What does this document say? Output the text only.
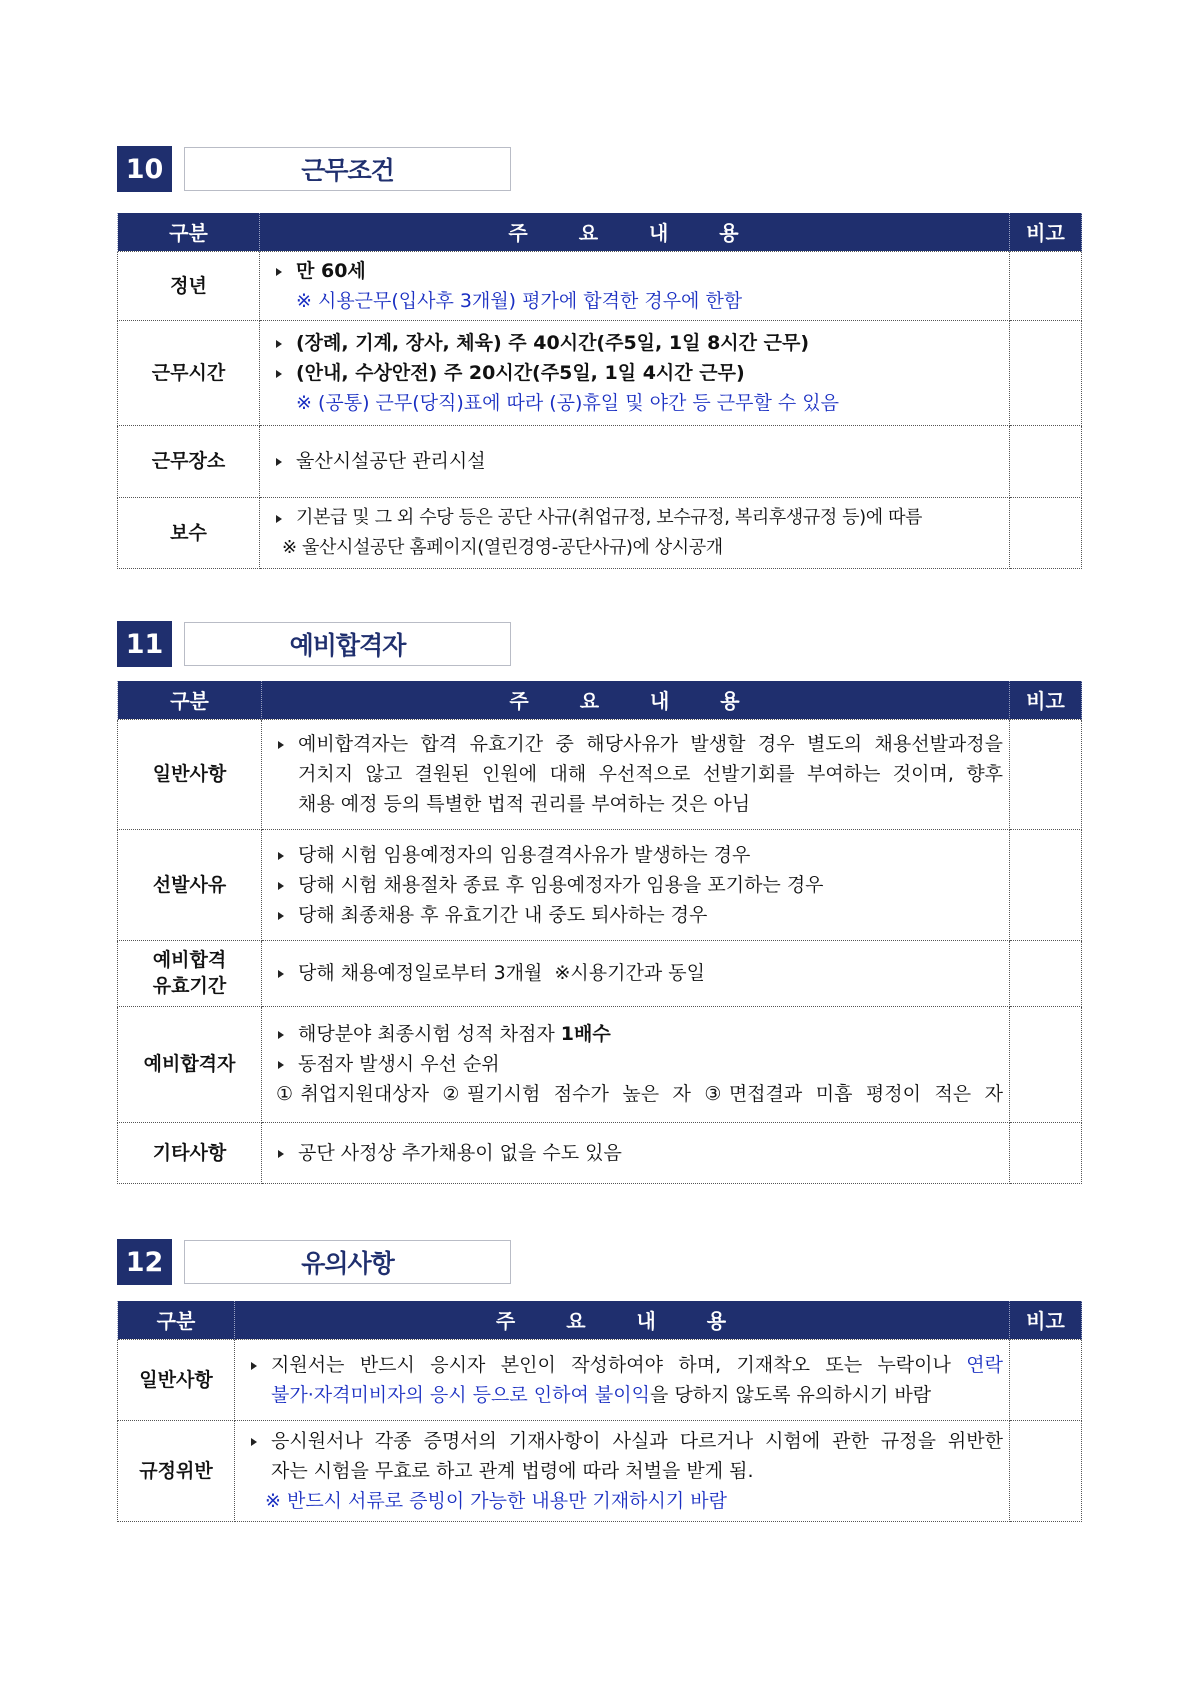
10	근무조건
구분	주 요 내 용	비고
정년	만 60세
※ 시용근무(입사후 3개월) 평가에 합격한 경우에 한함	

근무시간	(장례, 기계, 장사, 체육) 주 40시간(주5일, 1일 8시간 근무)
(안내, 수상안전) 주 20시간(주5일, 1일 4시간 근무)
※ (공통) 근무(당직)표에 따라 (공)휴일 및 야간 등 근무할 수 있음	

근무장소	울산시설공단 관리시설	

보수	기본급 및 그 외 수당 등은 공단 사규(취업규정, 보수규정, 복리후생규정 등)에 따름
※ 울산시설공단 홈페이지(열린경영-공단사규)에 상시공개	

11	예비합격자
구분	주 요 내 용	비고
일반사항	예비합격자는 합격 유효기간 중 해당사유가 발생할 경우 별도의 채용선발과정을
거치지 않고 결원된 인원에 대해 우선적으로 선발기회를 부여하는 것이며, 향후
채용 예정 등의 특별한 법적 권리를 부여하는 것은 아님	

선발사유	당해 시험 임용예정자의 임용결격사유가 발생하는 경우
당해 시험 채용절차 종료 후 임용예정자가 임용을 포기하는 경우
당해 최종채용 후 유효기간 내 중도 퇴사하는 경우	

예비합격
유효기간	당해 채용예정일로부터 3개월  ※시용기간과 동일	

예비합격자	해당분야 최종시험 성적 차점자 1배수
동점자 발생시 우선 순위
①취업지원대상자 ②필기시험 점수가 높은 자 ③면접결과 미흡 평정이 적은 자	

기타사항	공단 사정상 추가채용이 없을 수도 있음	

12	유의사항
구분	주 요 내 용	비고
일반사항	지원서는 반드시 응시자 본인이 작성하여야 하며, 기재착오 또는 누락이나 연락
불가·자격미비자의 응시 등으로 인하여 불이익을 당하지 않도록 유의하시기 바람	

규정위반	응시원서나 각종 증명서의 기재사항이 사실과 다르거나 시험에 관한 규정을 위반한
자는 시험을 무효로 하고 관계 법령에 따라 처벌을 받게 됨.
※ 반드시 서류로 증빙이 가능한 내용만 기재하시기 바람	
